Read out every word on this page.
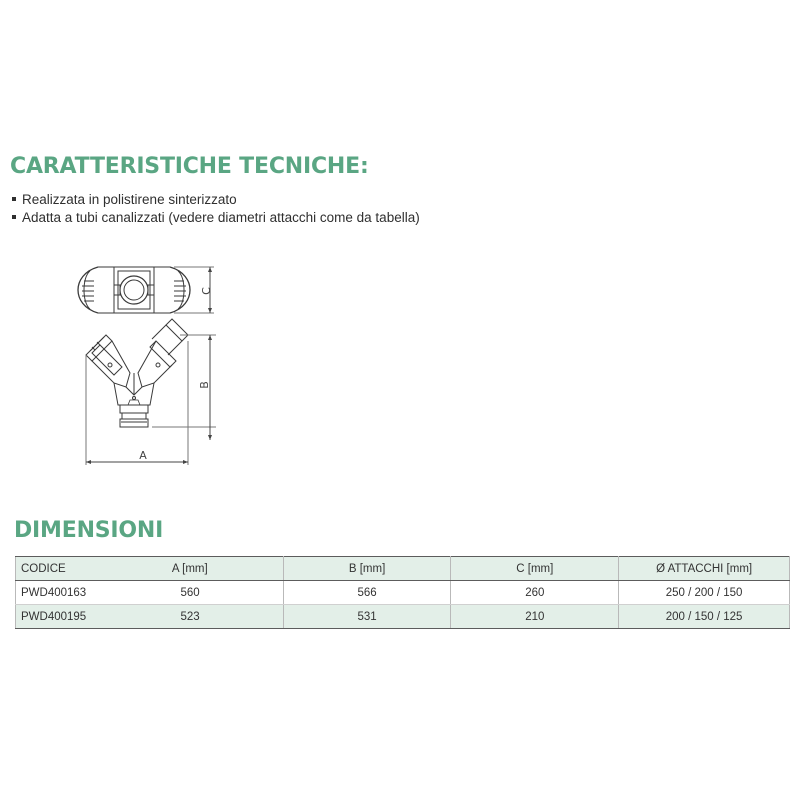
CARATTERISTICHE TECNICHE:
Realizzata in polistirene sinterizzato
Adatta a tubi canalizzati (vedere diametri attacchi come da tabella)
C
B
A
DIMENSIONI
CODICE A [mm]	B [mm]	C [mm]	Ø ATTACCHI [mm]

PWD400163 560	566	260	250 / 200 / 150

PWD400195 523	531	210	200 / 150 / 125
